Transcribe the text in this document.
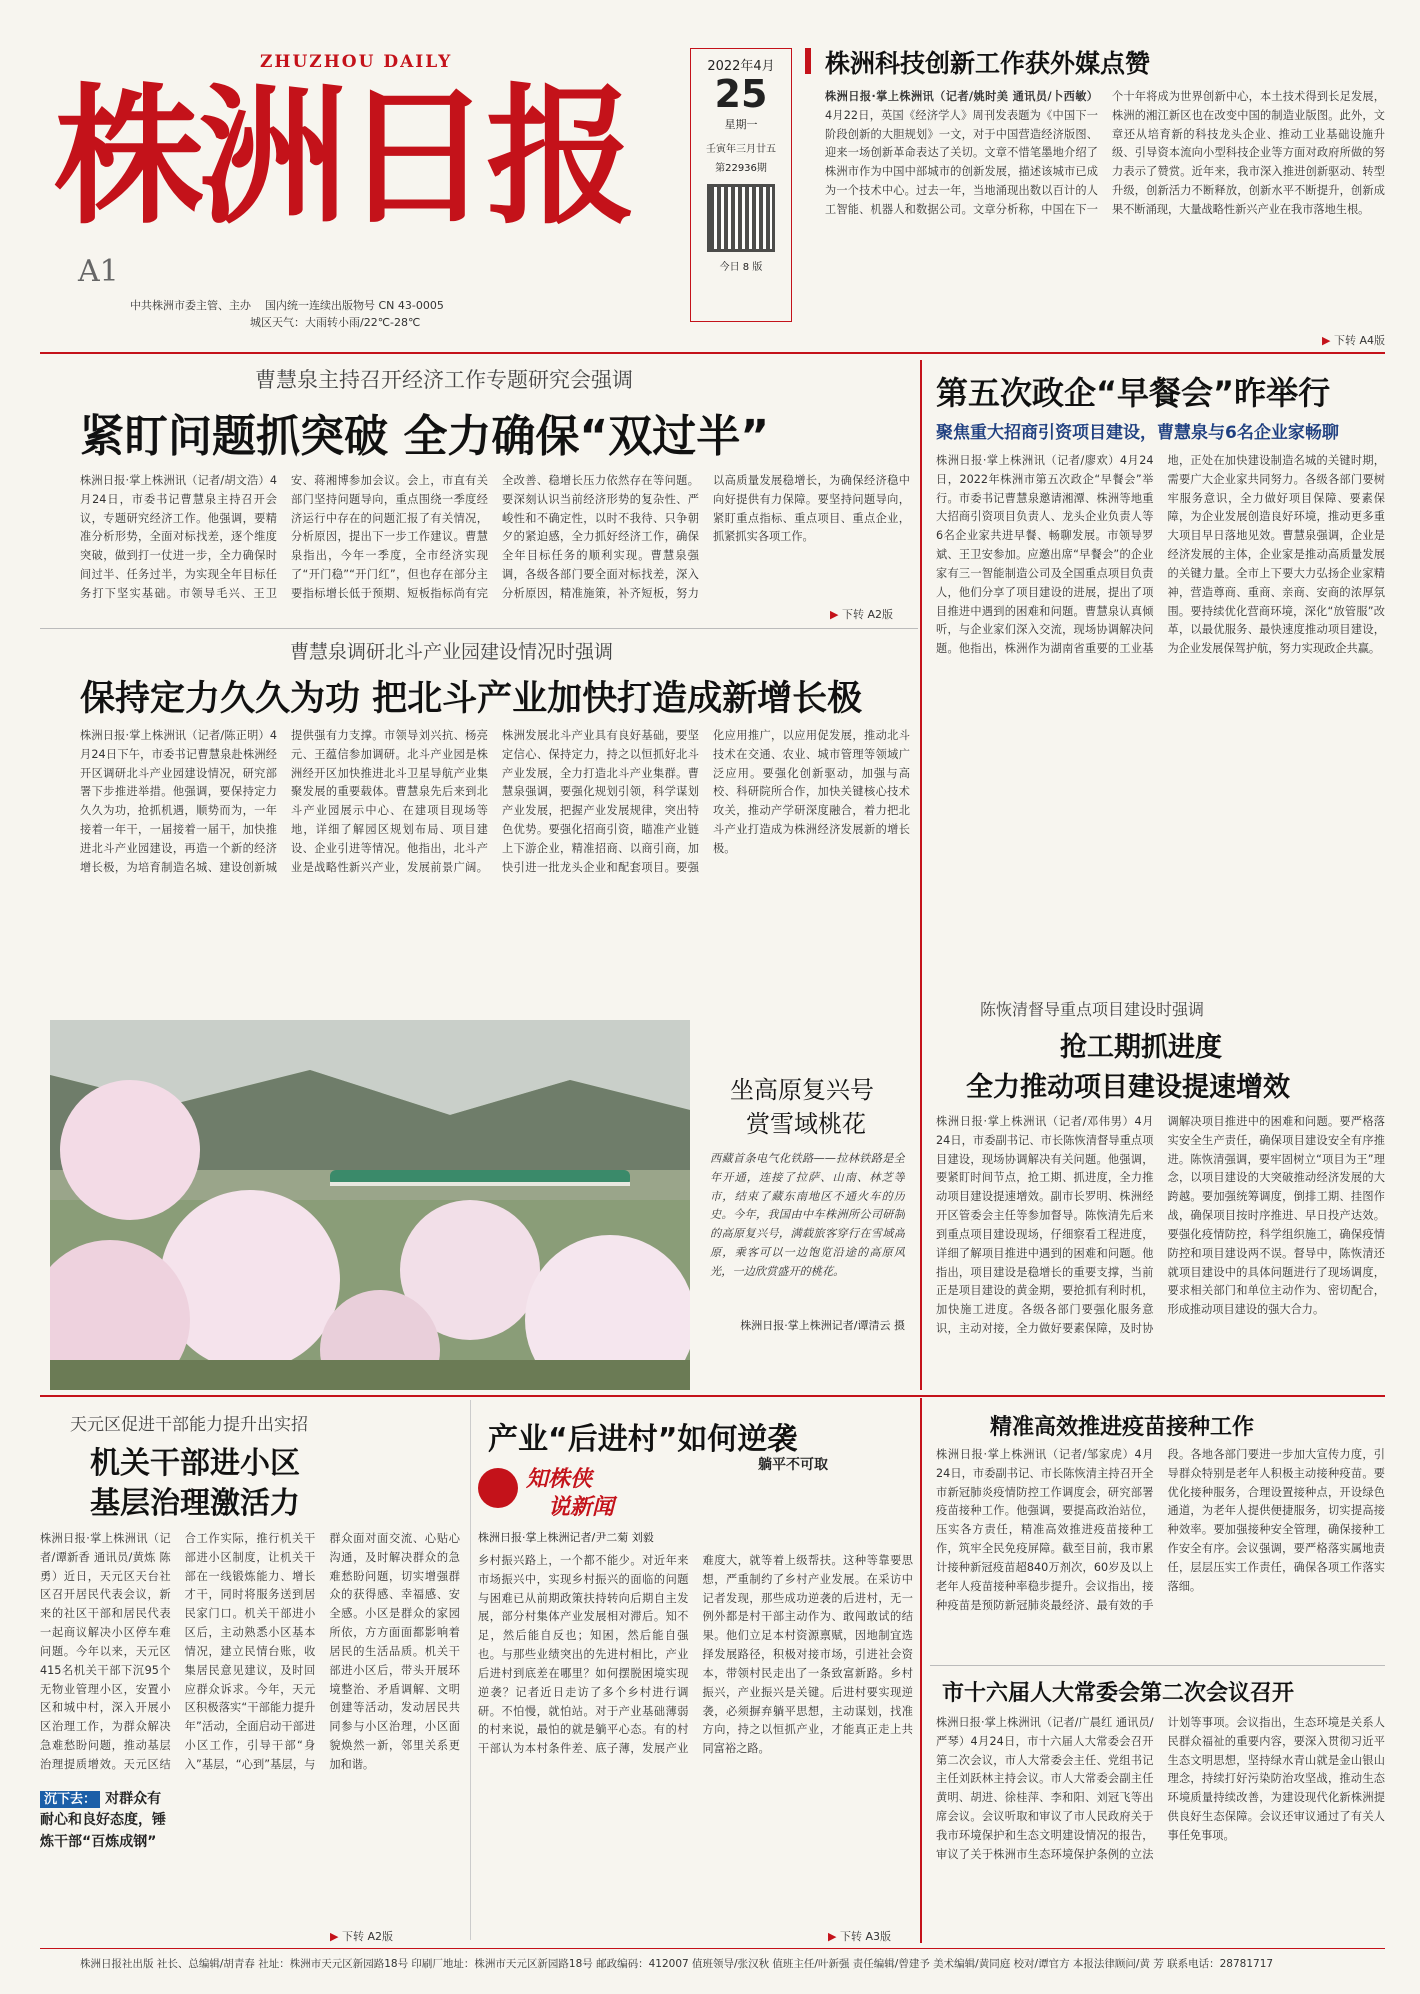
ZHUZHOU DAILY
株洲日报
A1
中共株洲市委主管、主办 国内统一连续出版物号 CN 43-0005
城区天气：大雨转小雨/22℃-28℃
2022年4月
25
星期一
壬寅年三月廿五
第22936期
今日 8 版
株洲科技创新工作获外媒点赞
株洲日报·掌上株洲讯（记者/姚时美 通讯员/卜西敏） 4月22日，英国《经济学人》周刊发表题为《中国下一阶段创新的大胆规划》一文，对于中国营造经济版图、迎来一场创新革命表达了关切。文章不惜笔墨地介绍了株洲市作为中国中部城市的创新发展，描述该城市已成为一个技术中心。过去一年，当地涌现出数以百计的人工智能、机器人和数据公司。文章分析称，中国在下一个十年将成为世界创新中心，本土技术得到长足发展，株洲的湘江新区也在改变中国的制造业版图。此外，文章还从培育新的科技龙头企业、推动工业基础设施升级、引导资本流向小型科技企业等方面对政府所做的努力表示了赞赏。近年来，我市深入推进创新驱动、转型升级，创新活力不断释放，创新水平不断提升，创新成果不断涌现，大量战略性新兴产业在我市落地生根。
▶ 下转 A4版
曹慧泉主持召开经济工作专题研究会强调
紧盯问题抓突破 全力确保“双过半”
株洲日报·掌上株洲讯（记者/胡文浩）4月24日，市委书记曹慧泉主持召开会议，专题研究经济工作。他强调，要精准分析形势，全面对标找差，逐个维度突破，做到打一仗进一步，全力确保时间过半、任务过半，为实现全年目标任务打下坚实基础。市领导毛兴、王卫安、蒋湘博参加会议。会上，市直有关部门坚持问题导向，重点围绕一季度经济运行中存在的问题汇报了有关情况，分析原因，提出下一步工作建议。曹慧泉指出，今年一季度，全市经济实现了“开门稳”“开门红”，但也存在部分主要指标增长低于预期、短板指标尚有完全改善、稳增长压力依然存在等问题。要深刻认识当前经济形势的复杂性、严峻性和不确定性，以时不我待、只争朝夕的紧迫感，全力抓好经济工作，确保全年目标任务的顺利实现。曹慧泉强调，各级各部门要全面对标找差，深入分析原因，精准施策，补齐短板，努力以高质量发展稳增长，为确保经济稳中向好提供有力保障。要坚持问题导向，紧盯重点指标、重点项目、重点企业，抓紧抓实各项工作。
▶ 下转 A2版
第五次政企“早餐会”昨举行
聚焦重大招商引资项目建设，曹慧泉与6名企业家畅聊
株洲日报·掌上株洲讯（记者/廖欢）4月24日，2022年株洲市第五次政企“早餐会”举行。市委书记曹慧泉邀请湘潭、株洲等地重大招商引资项目负责人、龙头企业负责人等6名企业家共进早餐、畅聊发展。市领导罗斌、王卫安参加。应邀出席“早餐会”的企业家有三一智能制造公司及全国重点项目负责人，他们分享了项目建设的进展，提出了项目推进中遇到的困难和问题。曹慧泉认真倾听，与企业家们深入交流，现场协调解决问题。他指出，株洲作为湖南省重要的工业基地，正处在加快建设制造名城的关键时期，需要广大企业家共同努力。各级各部门要树牢服务意识，全力做好项目保障、要素保障，为企业发展创造良好环境，推动更多重大项目早日落地见效。曹慧泉强调，企业是经济发展的主体，企业家是推动高质量发展的关键力量。全市上下要大力弘扬企业家精神，营造尊商、重商、亲商、安商的浓厚氛围。要持续优化营商环境，深化“放管服”改革，以最优服务、最快速度推动项目建设，为企业发展保驾护航，努力实现政企共赢。
曹慧泉调研北斗产业园建设情况时强调
保持定力久久为功 把北斗产业加快打造成新增长极
株洲日报·掌上株洲讯（记者/陈正明）4月24日下午，市委书记曹慧泉赴株洲经开区调研北斗产业园建设情况，研究部署下步推进举措。他强调，要保持定力久久为功，抢抓机遇，顺势而为，一年接着一年干，一届接着一届干，加快推进北斗产业园建设，再造一个新的经济增长极，为培育制造名城、建设创新城提供强有力支撑。市领导刘兴抗、杨亮元、王蕴信参加调研。北斗产业园是株洲经开区加快推进北斗卫星导航产业集聚发展的重要载体。曹慧泉先后来到北斗产业园展示中心、在建项目现场等地，详细了解园区规划布局、项目建设、企业引进等情况。他指出，北斗产业是战略性新兴产业，发展前景广阔。株洲发展北斗产业具有良好基础，要坚定信心、保持定力，持之以恒抓好北斗产业发展，全力打造北斗产业集群。曹慧泉强调，要强化规划引领，科学谋划产业发展，把握产业发展规律，突出特色优势。要强化招商引资，瞄准产业链上下游企业，精准招商、以商引商，加快引进一批龙头企业和配套项目。要强化应用推广，以应用促发展，推动北斗技术在交通、农业、城市管理等领域广泛应用。要强化创新驱动，加强与高校、科研院所合作，加快关键核心技术攻关，推动产学研深度融合，着力把北斗产业打造成为株洲经济发展新的增长极。
坐高原复兴号
赏雪域桃花
西藏首条电气化铁路——拉林铁路是全年开通，连接了拉萨、山南、林芝等市，结束了藏东南地区不通火车的历史。今年，我国由中车株洲所公司研制的高原复兴号，满载旅客穿行在雪域高原，乘客可以一边饱览沿途的高原风光，一边欣赏盛开的桃花。
株洲日报·掌上株洲记者/谭清云 摄
陈恢清督导重点项目建设时强调
抢工期抓进度
全力推动项目建设提速增效
株洲日报·掌上株洲讯（记者/邓伟男）4月24日，市委副书记、市长陈恢清督导重点项目建设，现场协调解决有关问题。他强调，要紧盯时间节点，抢工期、抓进度，全力推动项目建设提速增效。副市长罗明、株洲经开区管委会主任等参加督导。陈恢清先后来到重点项目建设现场，仔细察看工程进度，详细了解项目推进中遇到的困难和问题。他指出，项目建设是稳增长的重要支撑，当前正是项目建设的黄金期，要抢抓有利时机，加快施工进度。各级各部门要强化服务意识，主动对接，全力做好要素保障，及时协调解决项目推进中的困难和问题。要严格落实安全生产责任，确保项目建设安全有序推进。陈恢清强调，要牢固树立“项目为王”理念，以项目建设的大突破推动经济发展的大跨越。要加强统筹调度，倒排工期、挂图作战，确保项目按时序推进、早日投产达效。要强化疫情防控，科学组织施工，确保疫情防控和项目建设两不误。督导中，陈恢清还就项目建设中的具体问题进行了现场调度，要求相关部门和单位主动作为、密切配合，形成推动项目建设的强大合力。
天元区促进干部能力提升出实招
机关干部进小区
基层治理激活力
株洲日报·掌上株洲讯（记者/谭新香 通讯员/黄炼 陈勇）近日，天元区天台社区召开居民代表会议，新来的社区干部和居民代表一起商议解决小区停车难问题。今年以来，天元区415名机关干部下沉95个无物业管理小区，安置小区和城中村，深入开展小区治理工作，为群众解决急难愁盼问题，推动基层治理提质增效。天元区结合工作实际，推行机关干部进小区制度，让机关干部在一线锻炼能力、增长才干，同时将服务送到居民家门口。机关干部进小区后，主动熟悉小区基本情况，建立民情台账，收集居民意见建议，及时回应群众诉求。今年，天元区积极落实“干部能力提升年”活动，全面启动干部进小区工作，引导干部“身入”基层，“心到”基层，与群众面对面交流、心贴心沟通，及时解决群众的急难愁盼问题，切实增强群众的获得感、幸福感、安全感。小区是群众的家园所依，方方面面都影响着居民的生活品质。机关干部进小区后，带头开展环境整治、矛盾调解、文明创建等活动，发动居民共同参与小区治理，小区面貌焕然一新，邻里关系更加和谐。
沉下去： 对群众有耐心和良好态度，锤炼干部“百炼成钢”
▶ 下转 A2版
产业“后进村”如何逆袭
知株侠
说新闻
株洲日报·掌上株洲记者/尹二菊 刘毅
躺平不可取
乡村振兴路上，一个都不能少。对近年来市场振兴中，实现乡村振兴的面临的问题与困难已从前期政策扶持转向后期自主发展，部分村集体产业发展相对滞后。知不足，然后能自反也；知困，然后能自强也。与那些业绩突出的先进村相比，产业后进村到底差在哪里？如何摆脱困境实现逆袭？记者近日走访了多个乡村进行调研。不怕慢，就怕站。对于产业基础薄弱的村来说，最怕的就是躺平心态。有的村干部认为本村条件差、底子薄，发展产业难度大，就等着上级帮扶。这种等靠要思想，严重制约了乡村产业发展。在采访中记者发现，那些成功逆袭的后进村，无一例外都是村干部主动作为、敢闯敢试的结果。他们立足本村资源禀赋，因地制宜选择发展路径，积极对接市场，引进社会资本，带领村民走出了一条致富新路。乡村振兴，产业振兴是关键。后进村要实现逆袭，必须摒弃躺平思想，主动谋划，找准方向，持之以恒抓产业，才能真正走上共同富裕之路。
▶ 下转 A3版
精准高效推进疫苗接种工作
株洲日报·掌上株洲讯（记者/邹家虎）4月24日，市委副书记、市长陈恢清主持召开全市新冠肺炎疫情防控工作调度会，研究部署疫苗接种工作。他强调，要提高政治站位，压实各方责任，精准高效推进疫苗接种工作，筑牢全民免疫屏障。截至目前，我市累计接种新冠疫苗超840万剂次，60岁及以上老年人疫苗接种率稳步提升。会议指出，接种疫苗是预防新冠肺炎最经济、最有效的手段。各地各部门要进一步加大宣传力度，引导群众特别是老年人积极主动接种疫苗。要优化接种服务，合理设置接种点，开设绿色通道，为老年人提供便捷服务，切实提高接种效率。要加强接种安全管理，确保接种工作安全有序。会议强调，要严格落实属地责任，层层压实工作责任，确保各项工作落实落细。
市十六届人大常委会第二次会议召开
株洲日报·掌上株洲讯（记者/广晨红 通讯员/严琴）4月24日，市十六届人大常委会召开第二次会议，市人大常委会主任、党组书记主任刘跃林主持会议。市人大常委会副主任黄明、胡进、徐桂萍、李和阳、刘冠飞等出席会议。会议听取和审议了市人民政府关于我市环境保护和生态文明建设情况的报告，审议了关于株洲市生态环境保护条例的立法计划等事项。会议指出，生态环境是关系人民群众福祉的重要内容，要深入贯彻习近平生态文明思想，坚持绿水青山就是金山银山理念，持续打好污染防治攻坚战，推动生态环境质量持续改善，为建设现代化新株洲提供良好生态保障。会议还审议通过了有关人事任免事项。
株洲日报社出版 社长、总编辑/胡青春 社址：株洲市天元区新园路18号 印刷厂地址：株洲市天元区新园路18号 邮政编码：412007 值班领导/张汉秋 值班主任/叶新强 责任编辑/曾建予 美术编辑/黄同庭 校对/谭官方 本报法律顾问/黄 芳 联系电话：28781717
